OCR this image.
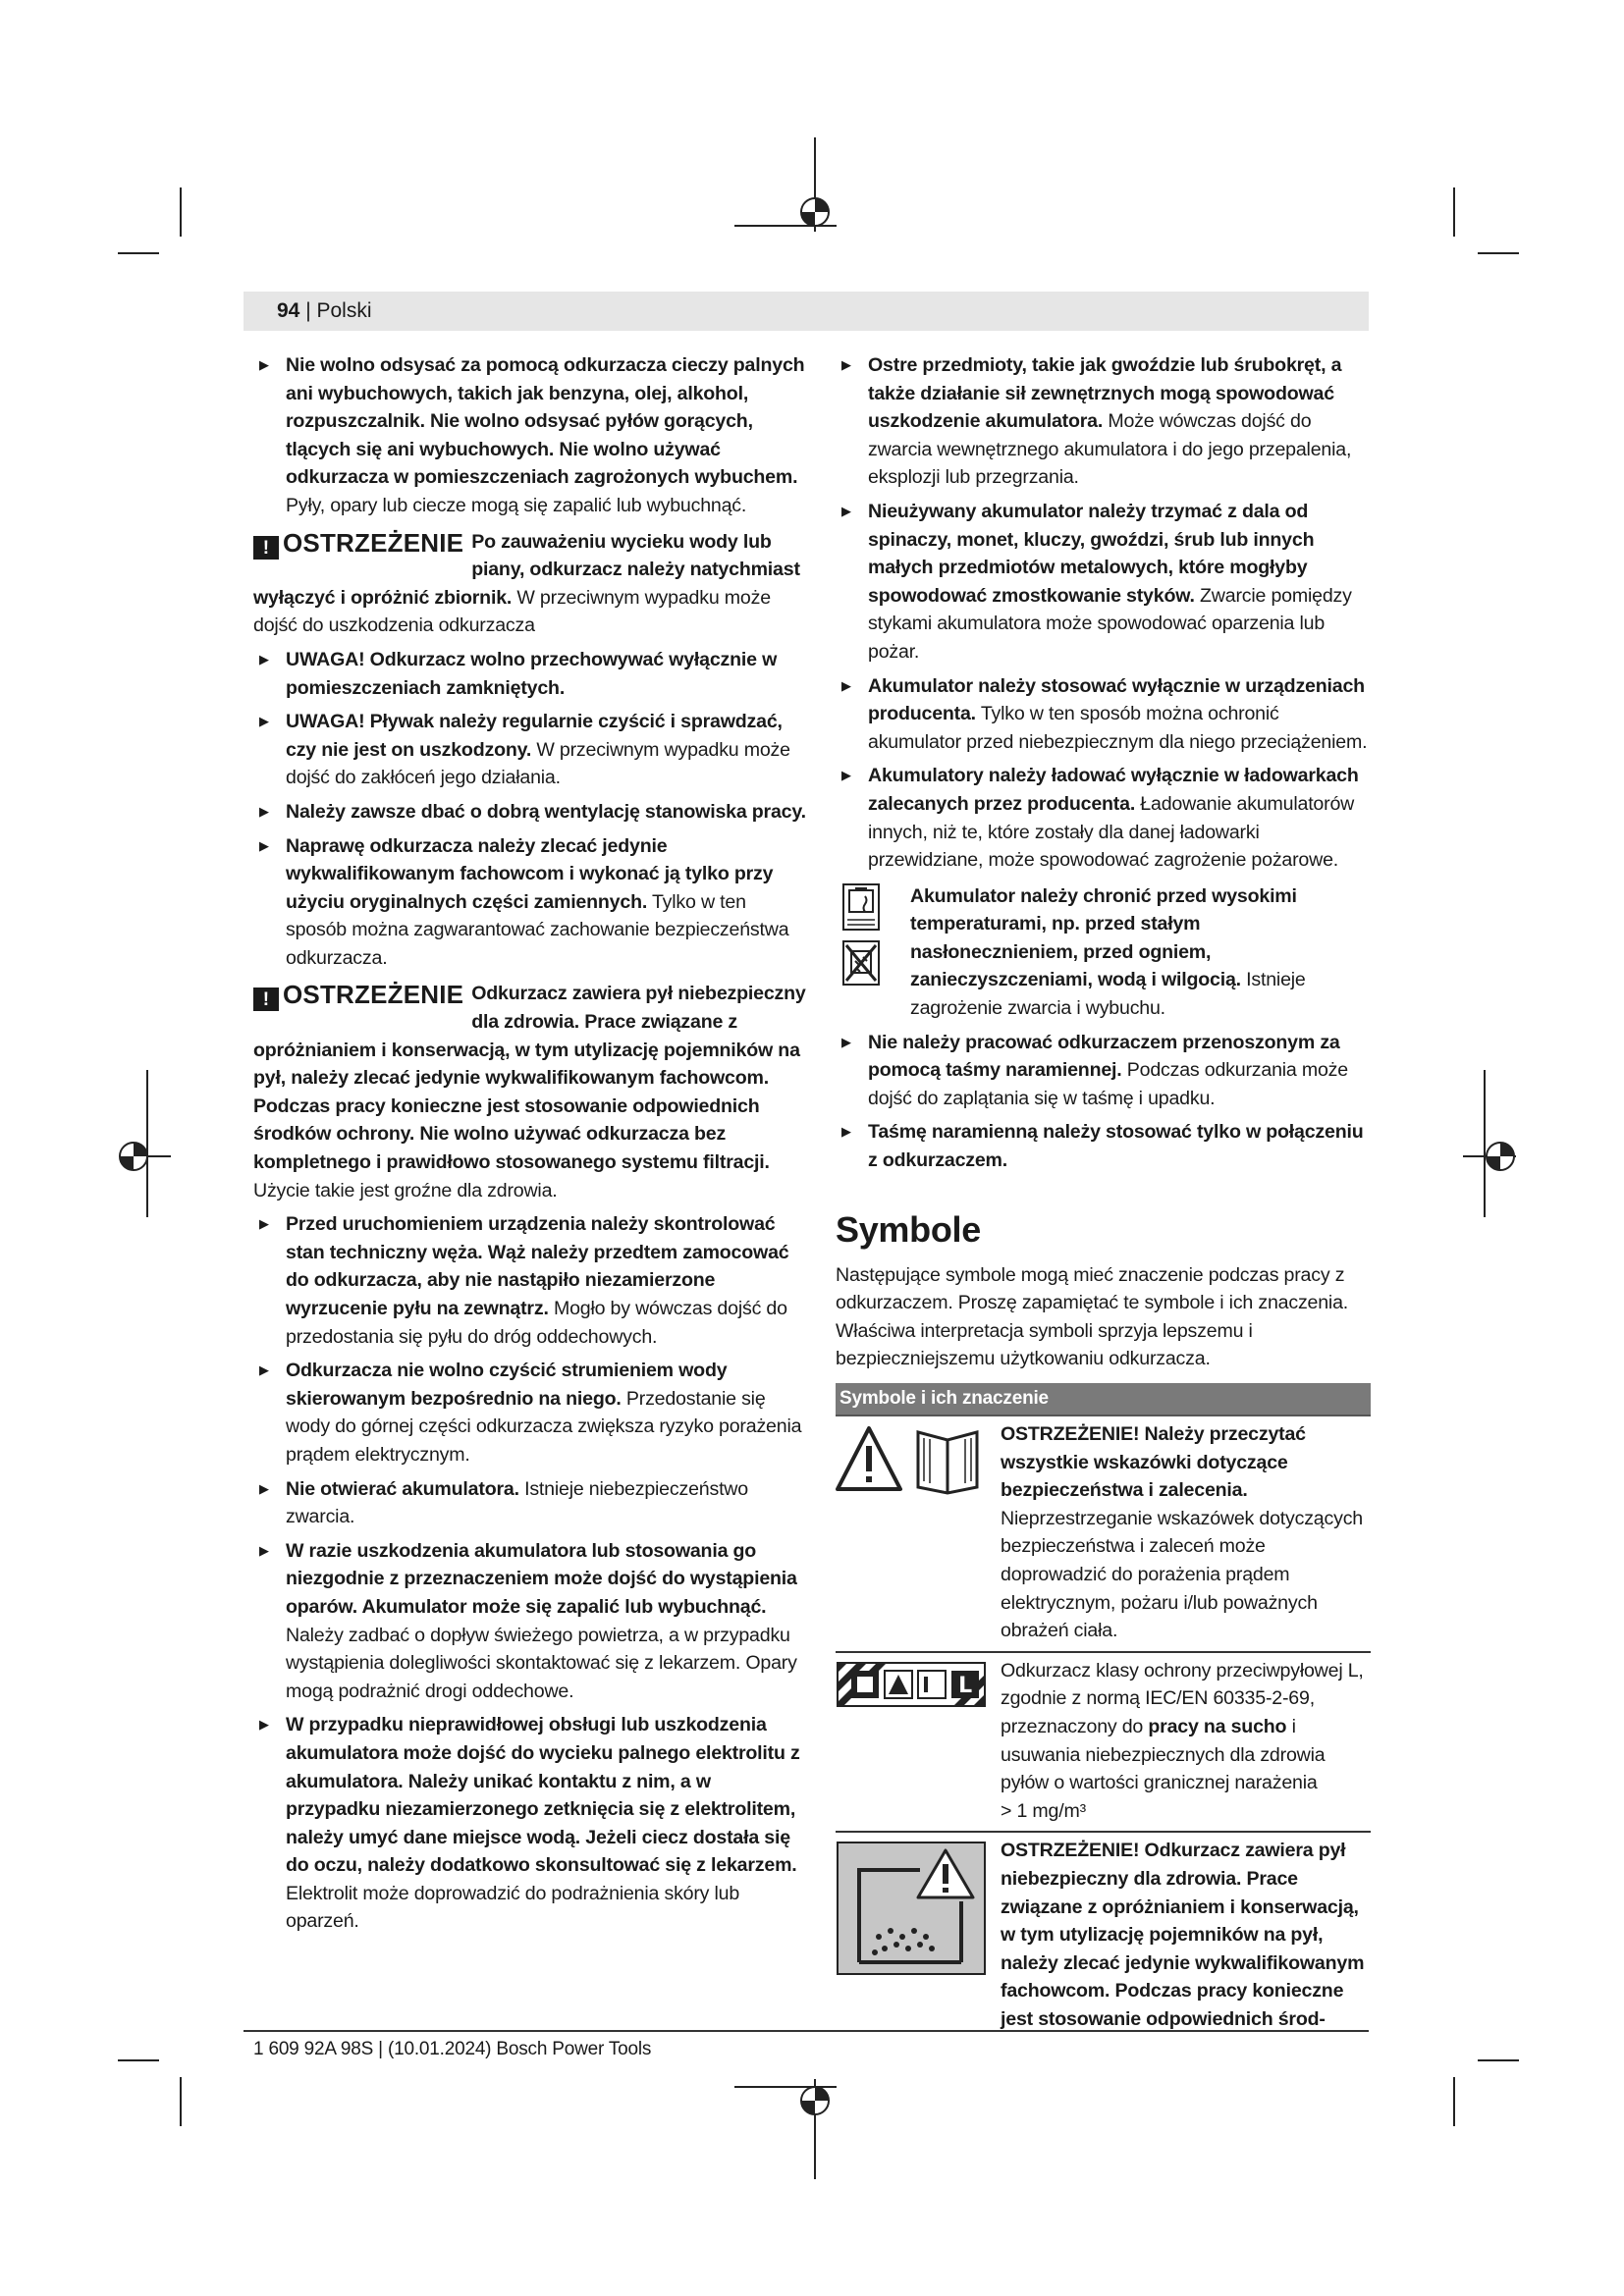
94 | Polski

▶ Nie wolno odsysać za pomocą odkurzacza cieczy palnych ani wybuchowych, takich jak benzyna, olej, alkohol, rozpuszczalnik. Nie wolno odsysać pyłów gorących, tlących się ani wybuchowych. Nie wolno używać odkurzacza w pomieszczeniach zagrożonych wybuchem. Pyły, opary lub ciecze mogą się zapalić lub wybuchnąć.

! OSTRZEŻENIE Po zauważeniu wycieku wody lub piany, odkurzacz należy natychmiast wyłączyć i opróżnić zbiornik. W przeciwnym wypadku może dojść do uszkodzenia odkurzacza

▶ UWAGA! Odkurzacz wolno przechowywać wyłącznie w pomieszczeniach zamkniętych.

▶ UWAGA! Pływak należy regularnie czyścić i sprawdzać, czy nie jest on uszkodzony. W przeciwnym wypadku może dojść do zakłóceń jego działania.

▶ Należy zawsze dbać o dobrą wentylację stanowiska pracy.

▶ Naprawę odkurzacza należy zlecać jedynie wykwalifikowanym fachowcom i wykonać ją tylko przy użyciu oryginalnych części zamiennych. Tylko w ten sposób można zagwarantować zachowanie bezpieczeństwa odkurzacza.

! OSTRZEŻENIE Odkurzacz zawiera pył niebezpieczny dla zdrowia. Prace związane z opróżnianiem i konserwacją, w tym utylizację pojemników na pył, należy zlecać jedynie wykwalifikowanym fachowcom. Podczas pracy konieczne jest stosowanie odpowiednich środków ochrony. Nie wolno używać odkurzacza bez kompletnego i prawidłowo stosowanego systemu filtracji. Użycie takie jest groźne dla zdrowia.

▶ Przed uruchomieniem urządzenia należy skontrolować stan techniczny węża. Wąż należy przedtem zamocować do odkurzacza, aby nie nastąpiło niezamierzone wyrzucenie pyłu na zewnątrz. Mogło by wówczas dojść do przedostania się pyłu do dróg oddechowych.

▶ Odkurzacza nie wolno czyścić strumieniem wody skierowanym bezpośrednio na niego. Przedostanie się wody do górnej części odkurzacza zwiększa ryzyko porażenia prądem elektrycznym.

▶ Nie otwierać akumulatora. Istnieje niebezpieczeństwo zwarcia.

▶ W razie uszkodzenia akumulatora lub stosowania go niezgodnie z przeznaczeniem może dojść do wystąpienia oparów. Akumulator może się zapalić lub wybuchnąć. Należy zadbać o dopływ świeżego powietrza, a w przypadku wystąpienia dolegliwości skontaktować się z lekarzem. Opary mogą podrażnić drogi oddechowe.

▶ W przypadku nieprawidłowej obsługi lub uszkodzenia akumulatora może dojść do wycieku palnego elektrolitu z akumulatora. Należy unikać kontaktu z nim, a w przypadku niezamierzonego zetknięcia się z elektrolitem, należy umyć dane miejsce wodą. Jeżeli ciecz dostała się do oczu, należy dodatkowo skonsultować się z lekarzem. Elektrolit może doprowadzić do podrażnienia skóry lub oparzeń.

▶ Ostre przedmioty, takie jak gwoździe lub śrubokręt, a także działanie sił zewnętrznych mogą spowodować uszkodzenie akumulatora. Może wówczas dojść do zwarcia wewnętrznego akumulatora i do jego przepalenia, eksplozji lub przegrzania.

▶ Nieużywany akumulator należy trzymać z dala od spinaczy, monet, kluczy, gwoździ, śrub lub innych małych przedmiotów metalowych, które mogłyby spowodować zmostkowanie styków. Zwarcie pomiędzy stykami akumulatora może spowodować oparzenia lub pożar.

▶ Akumulator należy stosować wyłącznie w urządzeniach producenta. Tylko w ten sposób można ochronić akumulator przed niebezpiecznym dla niego przeciążeniem.

▶ Akumulatory należy ładować wyłącznie w ładowarkach zalecanych przez producenta. Ładowanie akumulatorów innych, niż te, które zostały dla danej ładowarki przewidziane, może spowodować zagrożenie pożarowe.

Akumulator należy chronić przed wysokimi temperaturami, np. przed stałym nasłonecznieniem, przed ogniem, zanieczyszczeniami, wodą i wilgocią. Istnieje zagrożenie zwarcia i wybuchu.

▶ Nie należy pracować odkurzaczem przenoszonym za pomocą taśmy naramiennej. Podczas odkurzania może dojść do zaplątania się w taśmę i upadku.

▶ Taśmę naramienną należy stosować tylko w połączeniu z odkurzaczem.

Symbole

Następujące symbole mogą mieć znaczenie podczas pracy z odkurzaczem. Proszę zapamiętać te symbole i ich znaczenia. Właściwa interpretacja symboli sprzyja lepszemu i bezpieczniejszemu użytkowaniu odkurzacza.

Symbole i ich znaczenie

OSTRZEŻENIE! Należy przeczytać wszystkie wskazówki dotyczące bezpieczeństwa i zalecenia. Nieprzestrzeganie wskazówek dotyczących bezpieczeństwa i zaleceń może doprowadzić do porażenia prądem elektrycznym, pożaru i/lub poważnych obrażeń ciała.

L

Odkurzacz klasy ochrony przeciwpyłowej L, zgodnie z normą IEC/EN 60335-2-69, przeznaczony do pracy na sucho i usuwania niebezpiecznych dla zdrowia pyłów o wartości granicznej narażenia

> 1 mg/m³

OSTRZEŻENIE! Odkurzacz zawiera pył niebezpieczny dla zdrowia. Prace związane z opróżnianiem i konserwacją, w tym utylizację pojemników na pył, należy zlecać jedynie wykwalifikowanym fachowcom. Podczas pracy konieczne jest stosowanie odpowiednich środ-

1 609 92A 98S | (10.01.2024) Bosch Power Tools
